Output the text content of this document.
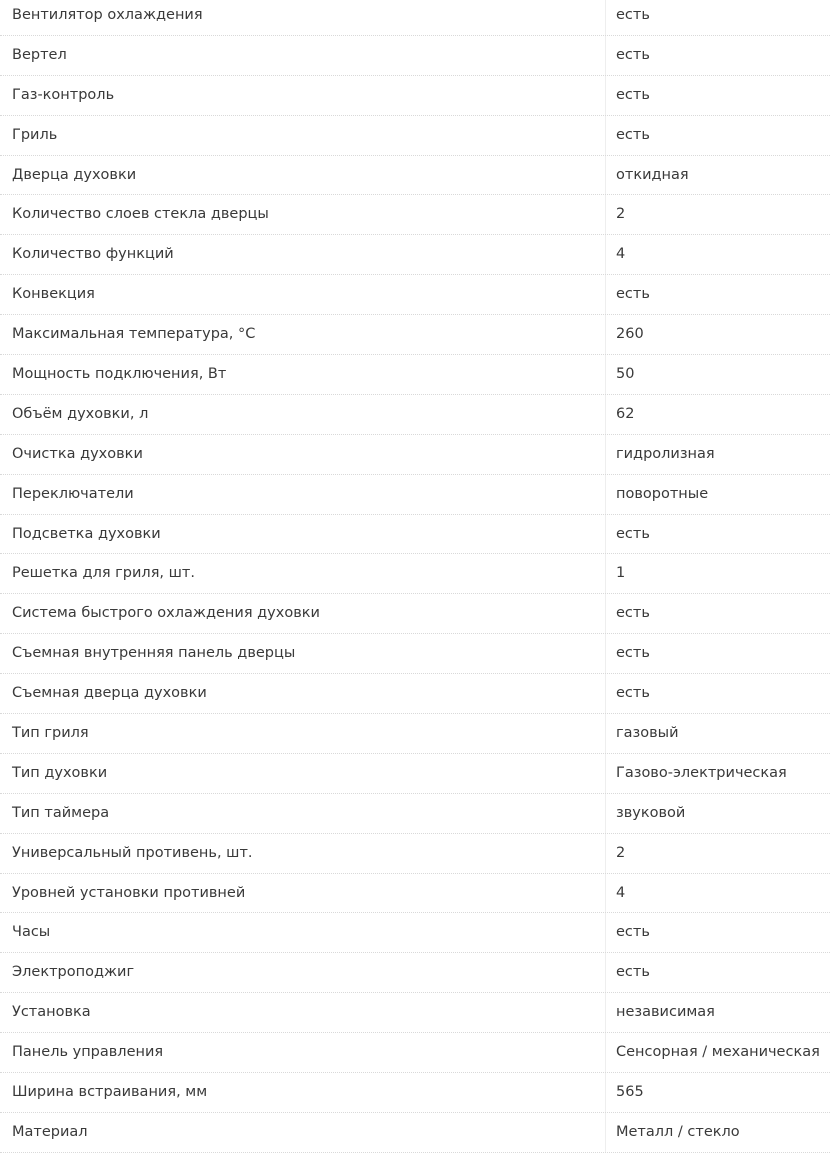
Вентилятор охлаждения	есть
Вертел	есть
Газ-контроль	есть
Гриль	есть
Дверца духовки	откидная
Количество слоев стекла дверцы	2
Количество функций	4
Конвекция	есть
Максимальная температура, °C	260
Мощность подключения, Вт	50
Объём духовки, л	62
Очистка духовки	гидролизная
Переключатели	поворотные
Подсветка духовки	есть
Решетка для гриля, шт.	1
Система быстрого охлаждения духовки	есть
Съемная внутренняя панель дверцы	есть
Съемная дверца духовки	есть
Тип гриля	газовый
Тип духовки	Газово-электрическая
Тип таймера	звуковой
Универсальный противень, шт.	2
Уровней установки противней	4
Часы	есть
Электроподжиг	есть
Установка	независимая
Панель управления	Сенсорная / механическая
Ширина встраивания, мм	565
Материал	Металл / стекло
